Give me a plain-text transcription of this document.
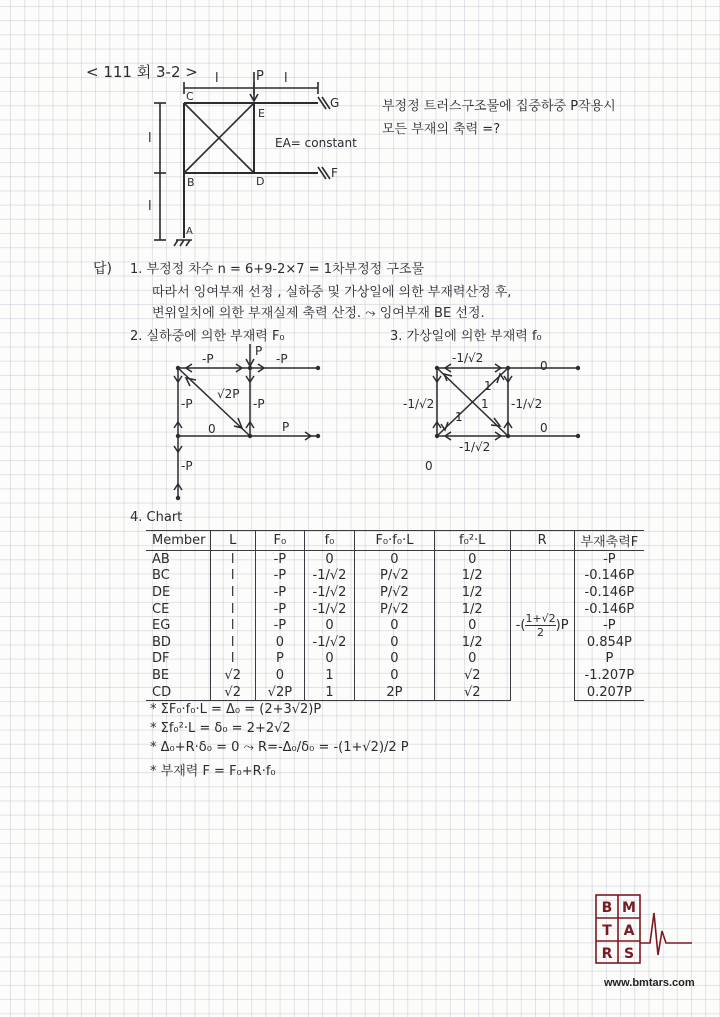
< 111 회 3-2 > l	l
P
l
l
C
E
G
B	D
F
A
EA= constant
부정정 트러스구조물에 집중하중 P작용시
모든 부재의 축력 =?
답) 1. 부정정 차수 n = 6+9-2×7 = 1차부정정 구조물
따라서 잉여부재 선정 , 실하중 및 가상일에 의한 부재력산정 후,
변위일치에 의한 부재실제 축력 산정. ⤳ 잉여부재 BE 선정.
2. 실하중에 의한 부재력 F₀	3. 가상일에 의한 부재력 f₀
-P	-P
P
√2P
-P	-P
0	P
-P
-1/√2
0
1
1
1
-1/√2	-1/√2
-1/√2
0
0
4. Chart
Member	L	F₀	f₀	F₀·f₀·L	f₀²·L	R	부재축력F
AB	l	-P	0	0	0	-( $\frac{1+√2}{2} )P$	-P
BC	l	-P	-1/√2	P/√2	1/2		-0.146P
DE	l	-P	-1/√2	P/√2	1/2		-0.146P
CE	l	-P	-1/√2	P/√2	1/2		-0.146P
EG	l	-P	0	0	0		-P
BD	l	0	-1/√2	0	1/2		0.854P
DF	l	P	0	0	0		P
BE	√2	0	1	0	√2		-1.207P
CD	√2	√2P	1	2P	√2		0.207P
* ΣF₀·f₀·L = Δ₀ = (2+3√2)P
* Σf₀²·L = δ₀ = 2+2√2
* Δ₀+R·δ₀ = 0 ⤳ R=-Δ₀/δ₀ = -(1+√2)/2 P
* 부재력 F = F₀+R·f₀
B M
T A
R S
www.bmtars.com
